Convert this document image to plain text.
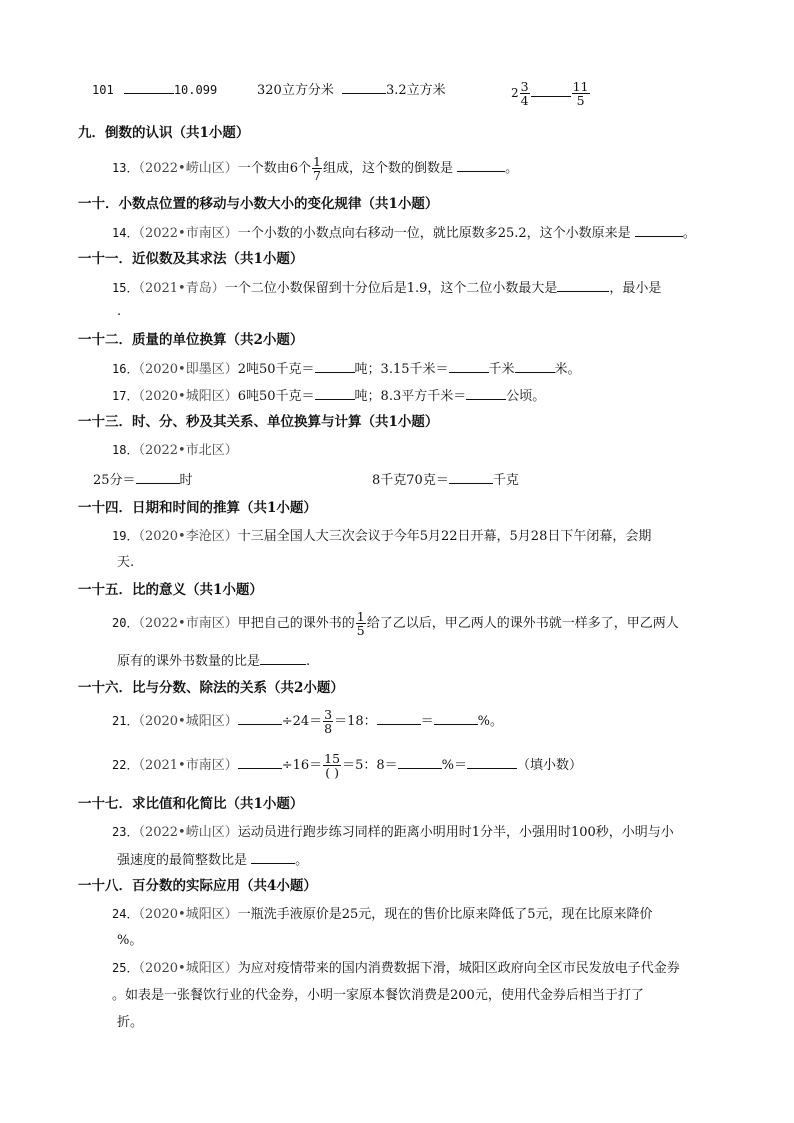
101	10.099	320立方分米	3.2立方米	$2 \frac{3}{4}$	$\frac{11}{5}$
九．倒数的认识（共1小题）
13．（2022•崂山区）一个数由6个 $\frac{1}{7}$ 组成，这个数的倒数是	。
一十．小数点位置的移动与小数大小的变化规律（共1小题）
14．（2022•市南区）一个小数的小数点向右移动一位，就比原数多25.2，这个小数原来是	。
一十一．近似数及其求法（共1小题）
15．（2021•青岛）一个二位小数保留到十分位后是1.9，这个二位小数最大是	，最小是
.
一十二．质量的单位换算（共2小题）
16．（2020•即墨区）2吨50千克＝	吨；3.15千米＝	千米	米。
17．（2020•城阳区）6吨50千克＝	吨；8.3平方千米＝	公顷。
一十三．时、分、秒及其关系、单位换算与计算（共1小题）
18．（2022•市北区）
25分＝	时	8千克70克＝	千克
一十四．日期和时间的推算（共1小题）
19．（2020•李沧区）十三届全国人大三次会议于今年5月22日开幕，5月28日下午闭幕，会期
天.
一十五．比的意义（共1小题）
20．（2022•市南区）甲把自己的课外书的 $\frac{1}{5}$ 给了乙以后，甲乙两人的课外书就一样多了，甲乙两人
原有的课外书数量的比是	.
一十六．比与分数、除法的关系（共2小题）
21．（2020•城阳区）	$\div 24= \frac{3}{8} =18$：	＝	%。
22．（2021•市南区）	$\div 16= \frac{15}{( )} =5$：8＝	%＝	（填小数）
一十七．求比值和化简比（共1小题）
23．（2022•崂山区）运动员进行跑步练习同样的距离小明用时1分半，小强用时100秒，小明与小
强速度的最简整数比是	。
一十八．百分数的实际应用（共4小题）
24．（2020•城阳区）一瓶洗手液原价是25元，现在的售价比原来降低了5元，现在比原来降价
%。
25．（2020•城阳区）为应对疫情带来的国内消费数据下滑，城阳区政府向全区市民发放电子代金券
。如表是一张餐饮行业的代金券，小明一家原本餐饮消费是200元，使用代金券后相当于打了
折。
